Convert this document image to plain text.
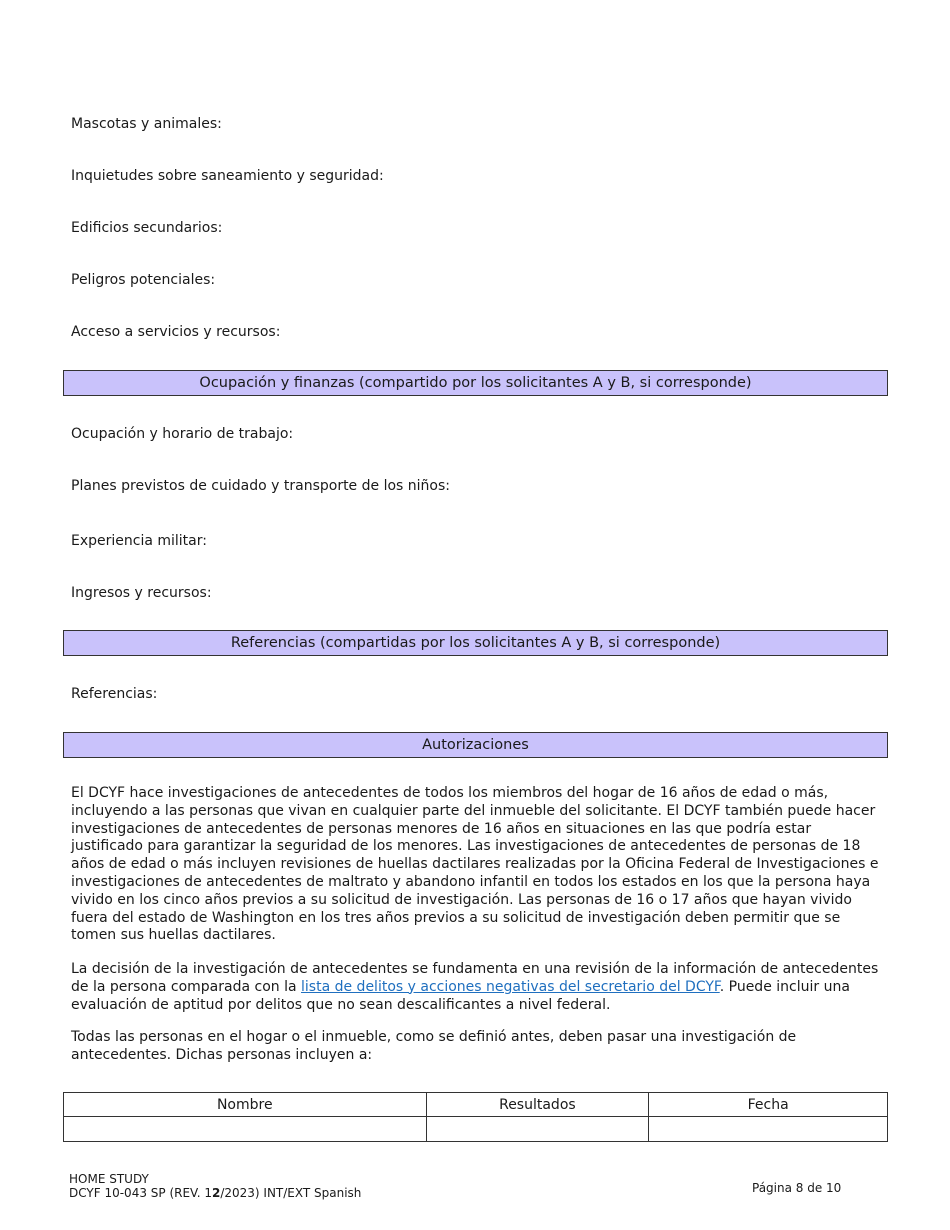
Mascotas y animales:
Inquietudes sobre saneamiento y seguridad:
Edificios secundarios:
Peligros potenciales:
Acceso a servicios y recursos:
Ocupación y finanzas (compartido por los solicitantes A y B, si corresponde)
Ocupación y horario de trabajo:
Planes previstos de cuidado y transporte de los niños:
Experiencia militar:
Ingresos y recursos:
Referencias (compartidas por los solicitantes A y B, si corresponde)
Referencias:
Autorizaciones

El DCYF hace investigaciones de antecedentes de todos los miembros del hogar de 16 años de edad o más, incluyendo a las personas que vivan en cualquier parte del inmueble del solicitante. El DCYF también puede hacer investigaciones de antecedentes de personas menores de 16 años en situaciones en las que podría estar justificado para garantizar la seguridad de los menores. Las investigaciones de antecedentes de personas de 18 años de edad o más incluyen revisiones de huellas dactilares realizadas por la Oficina Federal de Investigaciones e investigaciones de antecedentes de maltrato y abandono infantil en todos los estados en los que la persona haya vivido en los cinco años previos a su solicitud de investigación. Las personas de 16 o 17 años que hayan vivido fuera del estado de Washington en los tres años previos a su solicitud de investigación deben permitir que se tomen sus huellas dactilares.

La decisión de la investigación de antecedentes se fundamenta en una revisión de la información de antecedentes de la persona comparada con la lista de delitos y acciones negativas del secretario del DCYF. Puede incluir una evaluación de aptitud por delitos que no sean descalificantes a nivel federal.

Todas las personas en el hogar o el inmueble, como se definió antes, deben pasar una investigación de antecedentes. Dichas personas incluyen a:

Nombre	Resultados	Fecha

HOME STUDY
DCYF 10-043 SP (REV. 12/2023) INT/EXT Spanish	Página 8 de 10
